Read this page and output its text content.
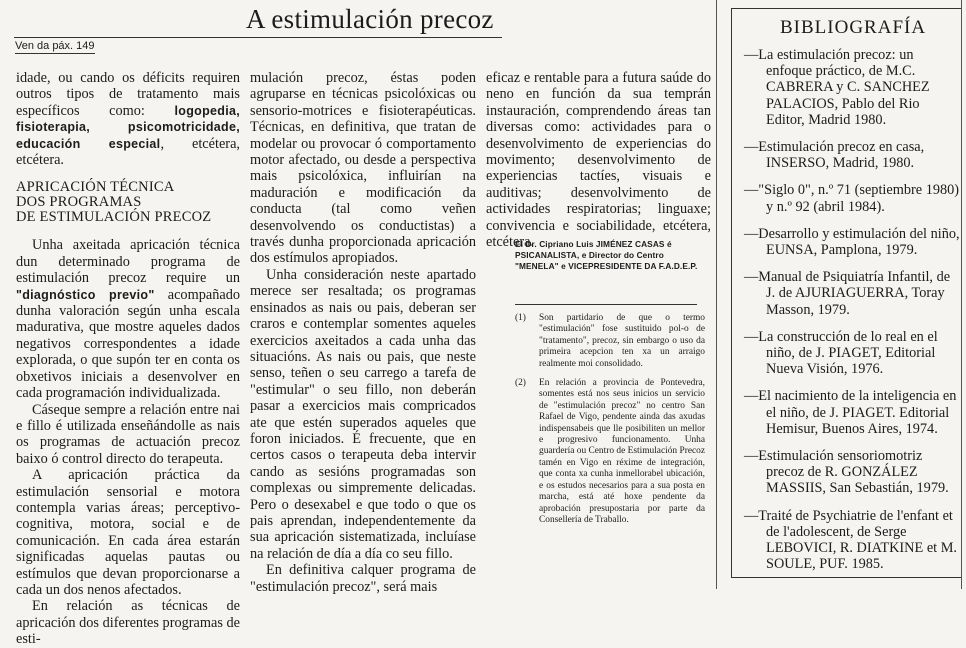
A estimulación precoz
Ven da páx. 149

idade, ou cando os déficits requiren outros tipos de tratamento mais específicos como: logopedia, fisioterapia, psicomotricidade, educación especial, etcétera, etcétera.

APRICACIÓN TÉCNICA
DOS PROGRAMAS
DE ESTIMULACIÓN PRECOZ

Unha axeitada apricación técnica dun determinado programa de estimulación precoz require un "diagnóstico previo" acompañado dunha valoración según unha escala madurativa, que mostre aqueles dados negativos correspondentes a idade explorada, o que supón ter en conta os obxetivos iniciais a desenvolver en cada programación individualizada.

Cáseque sempre a relación entre nai e fillo é utilizada enseñándolle as nais os programas de actuación precoz baixo ó control directo do terapeuta.

A apricación práctica da estimulación sensorial e motora contempla varias áreas; perceptivo-cognitiva, motora, social e de comunicación. En cada área estarán significadas aquelas pautas ou estímulos que devan proporcionarse a cada un dos nenos afectados.

En relación as técnicas de apricación dos diferentes programas de esti-

mulación precoz, éstas poden agruparse en técnicas psicolóxicas ou sensorio-motrices e fisioterapéuticas. Técnicas, en definitiva, que tratan de modelar ou provocar ó comportamento motor afectado, ou desde a perspectiva mais psicolóxica, influirían na maduración e modificación da conducta (tal como veñen desenvolvendo os conductistas) a través dunha proporcionada apricación dos estímulos apropiados.

Unha consideración neste apartado merece ser resaltada; os programas ensinados as nais ou pais, deberan ser craros e contemplar somentes aqueles exercicios axeitados a cada unha das situacións. As nais ou pais, que neste senso, teñen o seu carrego a tarefa de "estimular" o seu fillo, non deberán pasar a exercicios mais compricados ate que estén superados aqueles que foron iniciados. É frecuente, que en certos casos o terapeuta deba intervir cando as sesións programadas son complexas ou simpremente delicadas. Pero o desexabel e que todo o que os pais aprendan, independentemente da sua apricación sistematizada, incluíase na relación de día a día co seu fillo.

En definitiva calquer programa de "estimulación precoz", será mais

eficaz e rentable para a futura saúde do neno en función da sua temprán instauración, comprendendo áreas tan diversas como: actividades para o desenvolvimento de experiencias do movimento; desenvolvimento de experiencias tactíes, visuais e auditivas; desenvolvimento de actividades respiratorias; linguaxe; convivencia e sociabilidade, etcétera, etcétera.

El Dr. Cipriano Luis JIMÉNEZ CASAS é PSICANALISTA, e Director do Centro "MENELA" e VICEPRESIDENTE DA F.A.D.E.P.
(1) Son partidario de que o termo "estimulación" fose sustituido pol-o de "tratamento", precoz, sin embargo o uso da primeira acepcion ten xa un arraigo realmente moi consolidado.
(2) En relación a provincia de Pontevedra, somentes está nos seus inicios un servicio de "estimulación precoz" no centro San Rafael de Vigo, pendente ainda das axudas indispensabeis que lle posibiliten un mellor e progresivo funcionamento. Unha guardería ou Centro de Estimulación Precoz tamén en Vigo en réxime de integración, que conta xa cunha inmellorabel ubicación, e os estudos necesarios para a sua posta en marcha, está até hoxe pendente da aprobación presupostaria por parte da Consellería de Traballo.
BIBLIOGRAFÍA
—La estimulación precoz: un enfoque práctico, de M.C. CABRERA y C. SANCHEZ PALACIOS, Pablo del Rio Editor, Madrid 1980.
—Estimulación precoz en casa, INSERSO, Madrid, 1980.
—"Siglo 0", n.º 71 (septiembre 1980) y n.º 92 (abril 1984).
—Desarrollo y estimulación del niño, EUNSA, Pamplona, 1979.
—Manual de Psiquiatría Infantil, de J. de AJURIAGUERRA, Toray Masson, 1979.
—La construcción de lo real en el niño, de J. PIAGET, Editorial Nueva Visión, 1976.
—El nacimiento de la inteligencia en el niño, de J. PIAGET. Editorial Hemisur, Buenos Aires, 1974.
—Estimulación sensoriomotriz precoz de R. GONZÁLEZ MASSIIS, San Sebastián, 1979.
—Traité de Psychiatrie de l'enfant et de l'adolescent, de Serge LEBOVICI, R. DIATKINE et M. SOULE, PUF. 1985.
